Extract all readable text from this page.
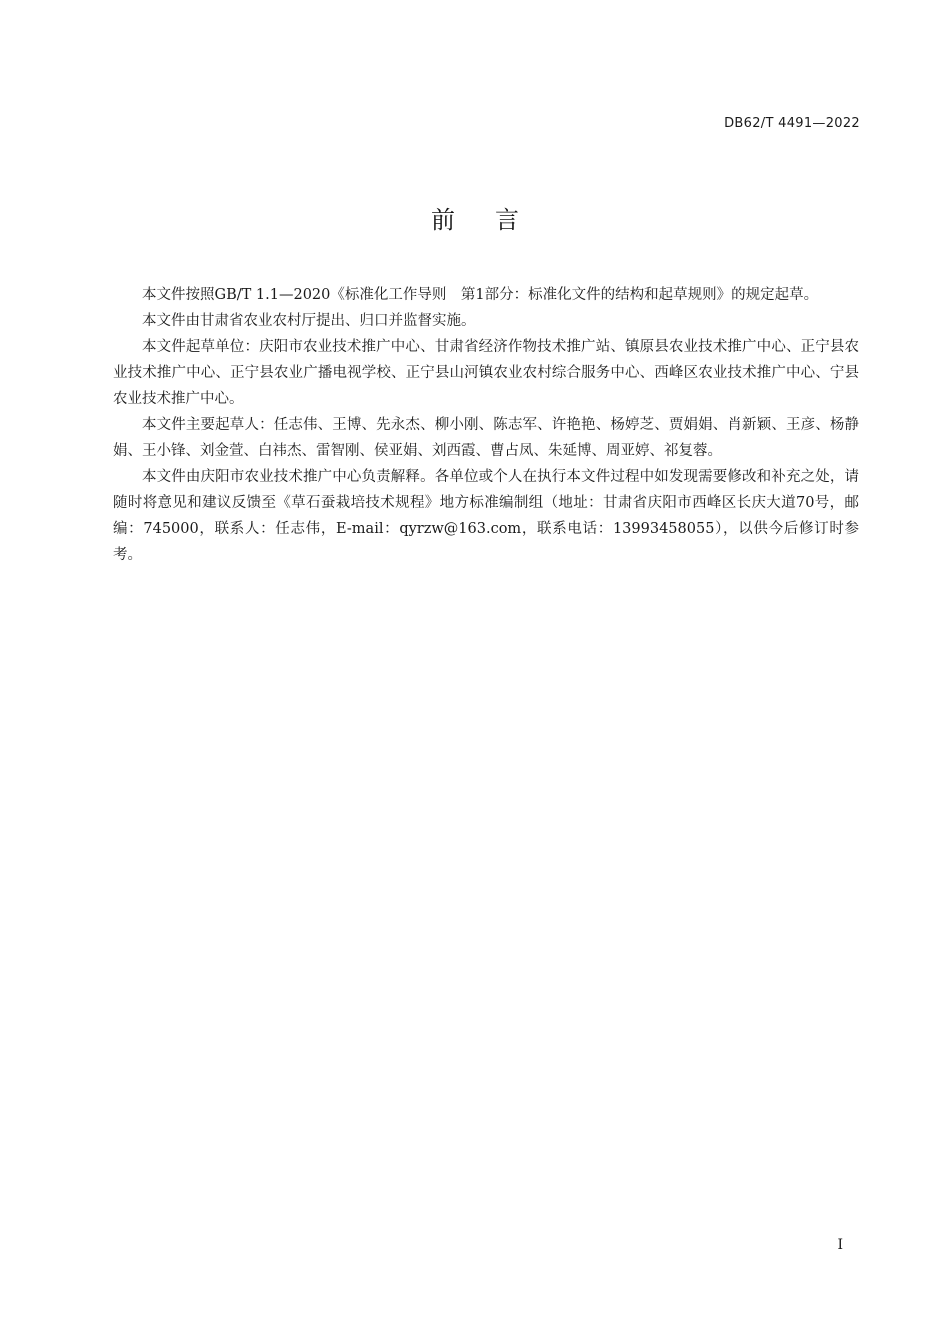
DB62/T 4491—2022
前言

本文件按照GB/T 1.1—2020《标准化工作导则　第1部分：标准化文件的结构和起草规则》的规定起草。

本文件由甘肃省农业农村厅提出、归口并监督实施。

本文件起草单位：庆阳市农业技术推广中心、甘肃省经济作物技术推广站、镇原县农业技术推广中心、正宁县农业技术推广中心、正宁县农业广播电视学校、正宁县山河镇农业农村综合服务中心、西峰区农业技术推广中心、宁县农业技术推广中心。

本文件主要起草人：任志伟、王博、先永杰、柳小刚、陈志军、许艳艳、杨婷芝、贾娟娟、肖新颖、王彦、杨静娟、王小锋、刘金萱、白祎杰、雷智刚、侯亚娟、刘西霞、曹占凤、朱延博、周亚婷、祁复蓉。

本文件由庆阳市农业技术推广中心负责解释。各单位或个人在执行本文件过程中如发现需要修改和补充之处，请随时将意见和建议反馈至《草石蚕栽培技术规程》地方标准编制组（地址：甘肃省庆阳市西峰区长庆大道70号，邮编：745000，联系人：任志伟，E-mail：qyrzw@163.com，联系电话：13993458055），以供今后修订时参考。

I
